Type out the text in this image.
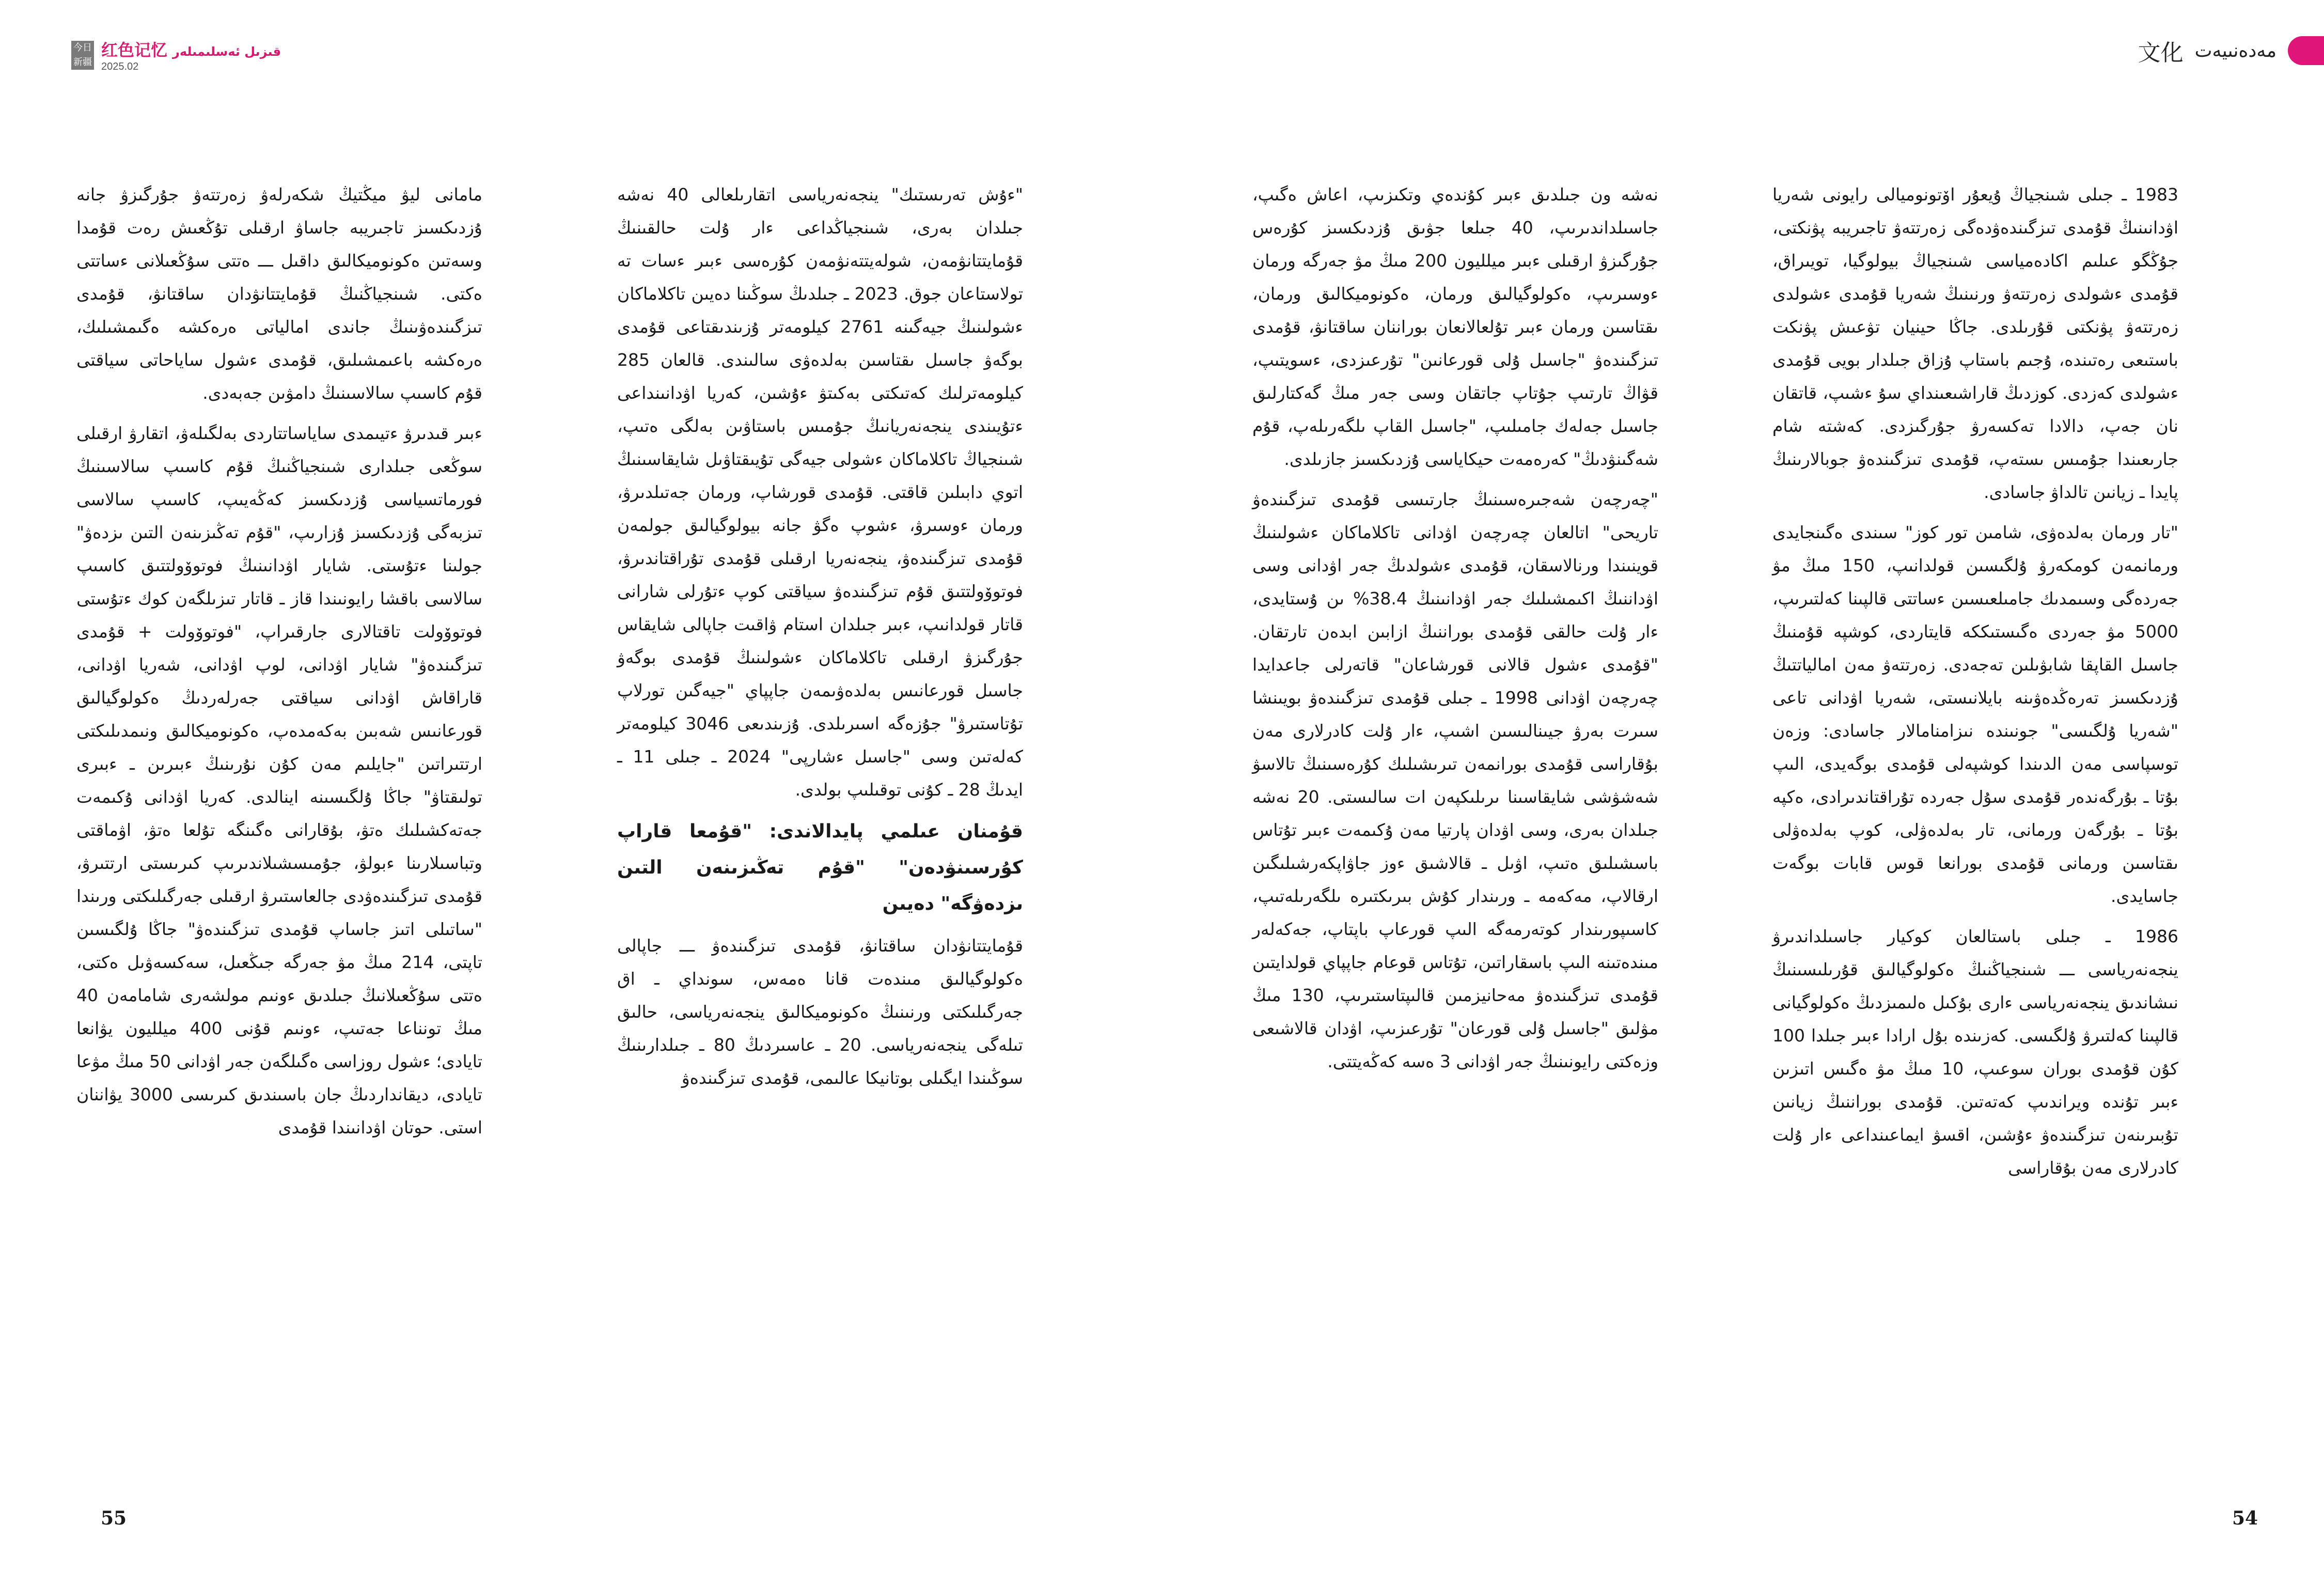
今日
新疆
红色记忆 قىزىل ئەسلىمىلەر
2025.02
文化 مەدەنىيەت

1983 ـ جىلى شىنجياڭ ۇيعۇر اۆتونوميالى رايونى شەريا اۋدانىنىڭ قۇمدى تىزگىندەۋدەگى زەرتتەۋ تاجىريبە پۋنكتى، جۇڭگو عىلىم اكادەمياسى شىنجياڭ بيولوگيا، تويىراق، قۇمدى ءشولدى زەرتتەۋ ورنىنىڭ شەريا قۇمدى ءشولدى زەرتتەۋ پۋنكتى قۇرىلدى. جاڭا حينيان تۋعىش پۋنكت باستىعى رەتىندە، ۇجىم باستاپ ۇزاق جىلدار بويى قۇمدى ءشولدى كەزدى. كوزدىڭ قاراشىعىنداي سۇ ءشىپ، قاتقان نان جەپ، دالادا تەكسەرۋ جۇرگىزدى. كەشتە شام جارىعىندا جۇمىس ىستەپ، قۇمدى تىزگىندەۋ جوبالارىنىڭ پايدا ـ زيانىن تالداۋ جاسادى.

"تار ورمان بەلدەۋى، شامىن تور كوز" سىندى ەگىنجايدى ورمانمەن كومكەرۋ ۇلگىسىن قولدانىپ، 150 مىڭ مۋ جەردەگى وسىمدىك جامىلعىسىن ءساتتى قالپىنا كەلتىرىپ، 5000 مۋ جەردى ەگىستىككە قايتاردى، كوشپە قۇمنىڭ جاسىل القاپقا شابۋىلىن تەجەدى. زەرتتەۋ مەن امالياتتىڭ ۇزدىكسىز تەرەڭدەۋىنە بايلانىستى، شەريا اۋدانى تاعى "شەريا ۇلگىسى" جونىندە نىزامنامالار جاسادى: وزەن توسپاسى مەن الدىندا كوشپەلى قۇمدى بوگەيدى، الىپ بۇتا ـ بۇرگەندەر قۇمدى سۇل جەردە تۇراقتاندىرادى، ەكپە بۇتا ـ بۇرگەن ورمانى، تار بەلدەۋلى، كوپ بەلدەۋلى ىقتاسىن ورمانى قۇمدى بورانعا قوس قابات بوگەت جاسايدى.

1986 ـ جىلى باستالعان كوكيار جاسىلداندىرۋ ينجەنەرياسى ـــ شىنجياڭنىڭ ەكولوگيالىق قۇرىلىسىنىڭ نىشاندىق ينجەنەرياسى ءارى بۇكىل ەلىمىزدىڭ ەكولوگيانى قالپىنا كەلتىرۋ ۇلگىسى. كەزىندە بۇل ارادا ءبىر جىلدا 100 كۇن قۇمدى بوران سوعىپ، 10 مىڭ مۋ ەگىس اتىزىن ءبىر تۇندە ويراندىپ كەتەتىن. قۇمدى بوراننىڭ زيانىن تۇبىرىنەن تىزگىندەۋ ءۇشىن، اقسۋ ايماعىنداعى ءار ۇلت كادرلارى مەن بۇقاراسى

نەشە ون جىلدىق ءبىر كۇندەي وتكىزىپ، اعاش ەگىپ، جاسىلداندىرىپ، 40 جىلعا جۋىق ۇزدىكسىز كۇرەس جۇرگىزۋ ارقىلى ءبىر ميلليون 200 مىڭ مۋ جەرگە ورمان ءوسىرىپ، ەكولوگيالىق ورمان، ەكونوميكالىق ورمان، ىقتاسىن ورمان ءبىر تۇلعالانعان بوراننان ساقتانۋ، قۇمدى تىزگىندەۋ "جاسىل ۇلى قورعانىن" تۇرعىزدى، ءسويتىپ، قۋاڭ تارتىپ جۇتاپ جاتقان وسى جەر مىڭ گەكتارلىق جاسىل جەلەك جامىلىپ، "جاسىل القاپ ىلگەرىلەپ، قۇم شەگىنۋدىڭ" كەرەمەت حيكاياسى ۇزدىكسىز جازىلدى.

"چەرچەن شەجىرەسىنىڭ جارتىسى قۇمدى تىزگىندەۋ تاريحى" اتالعان چەرچەن اۋدانى تاكلاماكان ءشولىنىڭ قوينىندا ورنالاسقان، قۇمدى ءشولدىڭ جەر اۋدانى وسى اۋداننىڭ اكىمشىلىك جەر اۋدانىنىڭ 38.4% ىن ۇستايدى، ءار ۇلت حالقى قۇمدى بوراننىڭ ازابىن ابدەن تارتقان. "قۇمدى ءشول قالانى قورشاعان" قاتەرلى جاعدايدا چەرچەن اۋدانى 1998 ـ جىلى قۇمدى تىزگىندەۋ بويىنشا سىرت بەرۋ جيىنالىسىن اشىپ، ءار ۇلت كادرلارى مەن بۇقاراسى قۇمدى بورانمەن تىرىشىلىك كۇرەسىنىڭ تالاسۋ شەشۋشى شايقاسىنا ىرىلىكپەن ات سالىستى. 20 نەشە جىلدان بەرى، وسى اۋدان پارتيا مەن ۇكىمەت ءبىر تۇتاس باسشىلىق ەتىپ، اۋىل ـ قالاشىق ءوز جاۋاپكەرشىلىگىن ارقالاپ، مەكەمە ـ ورىندار كۇش بىرىكتىرە ىلگەرىلەتىپ، كاسىپورىندار كوتەرمەگە الىپ قورعاپ باپتاپ، جەكەلەر مىندەتىنە الىپ باسقاراتىن، تۇتاس قوعام جاپپاي قولدايتىن قۇمدى تىزگىندەۋ مەحانيزمىن قالىپتاستىرىپ، 130 مىڭ مۋلىق "جاسىل ۇلى قورعان" تۇرعىزىپ، اۋدان قالاشىعى وزەكتى رايونىنىڭ جەر اۋدانى 3 ەسە كەڭەيتتى.

"ءۇش تەرىستىك" ينجەنەرياسى اتقارىلعالى 40 نەشە جىلدان بەرى، شىنجياڭداعى ءار ۇلت حالقىنىڭ قۇمايتتانۋمەن، شولەيتتەنۋمەن كۇرەسى ءبىر ءسات تە تولاستاعان جوق. 2023 ـ جىلدىڭ سوڭىنا دەيىن تاكلاماكان ءشولىنىڭ جيەگىنە 2761 كيلومەتر ۇزىندىقتاعى قۇمدى بوگەۋ جاسىل ىقتاسىن بەلدەۋى سالىندى. قالعان 285 كيلومەترلىك كەتىكتى بەكىتۋ ءۇشىن، كەريا اۋدانىنداعى ءتۇيىندى ينجەنەريانىڭ جۇمىس باستاۋىن بەلگى ەتىپ، شىنجياڭ تاكلاماكان ءشولى جيەگى تۇيىقتاۋىل شايقاسىنىڭ اتوي دابىلىن قاقتى. قۇمدى قورشاپ، ورمان جەتىلدىرۋ، ورمان ءوسىرۋ، ءشوپ ەگۋ جانە بيولوگيالىق جولمەن قۇمدى تىزگىندەۋ، ينجەنەريا ارقىلى قۇمدى تۇراقتاندىرۋ، فوتوۆولتتىق قۇم تىزگىندەۋ سياقتى كوپ ءتۇرلى شارانى قاتار قولدانىپ، ءبىر جىلدان استام ۋاقىت جاپالى شايقاس جۇرگىزۋ ارقىلى تاكلاماكان ءشولىنىڭ قۇمدى بوگەۋ جاسىل قورعانىس بەلدەۋىمەن جاپپاي "جيەگىن تورلاپ تۇتاستىرۋ" جۇزەگە اسىرىلدى. ۇزىندىعى 3046 كيلومەتر كەلەتىن وسى "جاسىل ءشارپى" 2024 ـ جىلى 11 ـ ايدىڭ 28 ـ كۇنى توقىلىپ بولدى.

قۇمنان عىلمي پايدالاندى: "قۇمعا قاراپ كۇرسىنۋدەن" "قۇم تەڭىزىنەن التىن ىزدەۋگە" دەيىن

قۇمايتتانۋدان ساقتانۋ، قۇمدى تىزگىندەۋ ـــ جاپالى ەكولوگيالىق مىندەت قانا ەمەس، سونداي ـ اق جەرگىلىكتى ورنىنىڭ ەكونوميكالىق ينجەنەرياسى، حالىق تىلەگى ينجەنەرياسى. 20 ـ عاسىردىڭ 80 ـ جىلدارىنىڭ سوڭىندا ايگىلى بوتانيكا عالىمى، قۇمدى تىزگىندەۋ

مامانى ليۋ ميڭتيڭ شكەرلەۋ زەرتتەۋ جۇرگىزۋ جانە ۇزدىكسىز تاجىريبە جاساۋ ارقىلى تۇڭعىش رەت قۇمدا وسەتىن ەكونوميكالىق داقىل ـــ ەتتى سۇڭعىلانى ءساتتى ەكتى. شىنجياڭنىڭ قۇمايتتانۋدان ساقتانۋ، قۇمدى تىزگىندەۋىنىڭ جاندى امالياتى ەرەكشە ەگىمشىلىك، ەرەكشە باعىمشىلىق، قۇمدى ءشول ساياحاتى سياقتى قۇم كاسىپ سالاسىنىڭ دامۋىن جەبەدى.

ءبىر قىدىرۋ ءتيىمدى ساياساتتاردى بەلگىلەۋ، اتقارۋ ارقىلى سوڭعى جىلدارى شىنجياڭنىڭ قۇم كاسىپ سالاسىنىڭ فورماتسياسى ۇزدىكسىز كەڭەيىپ، كاسىپ سالاسى تىزبەگى ۇزدىكسىز ۇزارىپ، "قۇم تەڭىزىنەن التىن ىزدەۋ" جولىنا ءتۇستى. شايار اۋدانىنىڭ فوتوۆولتتىق كاسىپ سالاسى باقشا رايونىندا قاز ـ قاتار تىزىلگەن كوك ءتۇستى فوتوۆولت تاقتالارى جارقىراپ، "فوتوۆولت + قۇمدى تىزگىندەۋ" شايار اۋدانى، لوپ اۋدانى، شەريا اۋدانى، قاراقاش اۋدانى سياقتى جەرلەردىڭ ەكولوگيالىق قورعانىس شەبىن بەكەمدەپ، ەكونوميكالىق ونىمدىلىكتى ارتتىراتىن "جايلىم مەن كۇن نۇرىنىڭ ءبىرىن ـ ءبىرى تولىقتاۋ" جاڭا ۇلگىسىنە اينالدى. كەريا اۋدانى ۇكىمەت جەتەكشىلىك ەتۋ، بۇقارانى ەگىنگە تۇلعا ەتۋ، اۋماقتى وتباسىلارىنا ءبولۋ، جۇمىسشىلاندىرىپ كىرىستى ارتتىرۋ، قۇمدى تىزگىندەۋدى جالعاستىرۋ ارقىلى جەرگىلىكتى ورىندا "ساتىلى اتىز جاساپ قۇمدى تىزگىندەۋ" جاڭا ۇلگىسىن تاپتى، 214 مىڭ مۋ جەرگە جىڭعىل، سەكسەۋىل ەكتى، ەتتى سۇڭعىلانىڭ جىلدىق ءونىم مولشەرى شامامەن 40 مىڭ تونناعا جەتىپ، ءونىم قۇنى 400 ميلليون يۋانعا تايادى؛ ءشول روزاسى ەگىلگەن جەر اۋدانى 50 مىڭ مۋعا تايادى، ديقانداردىڭ جان باسىندىق كىرىسى 3000 يۋاننان استى. حوتان اۋدانىندا قۇمدى

55	54
